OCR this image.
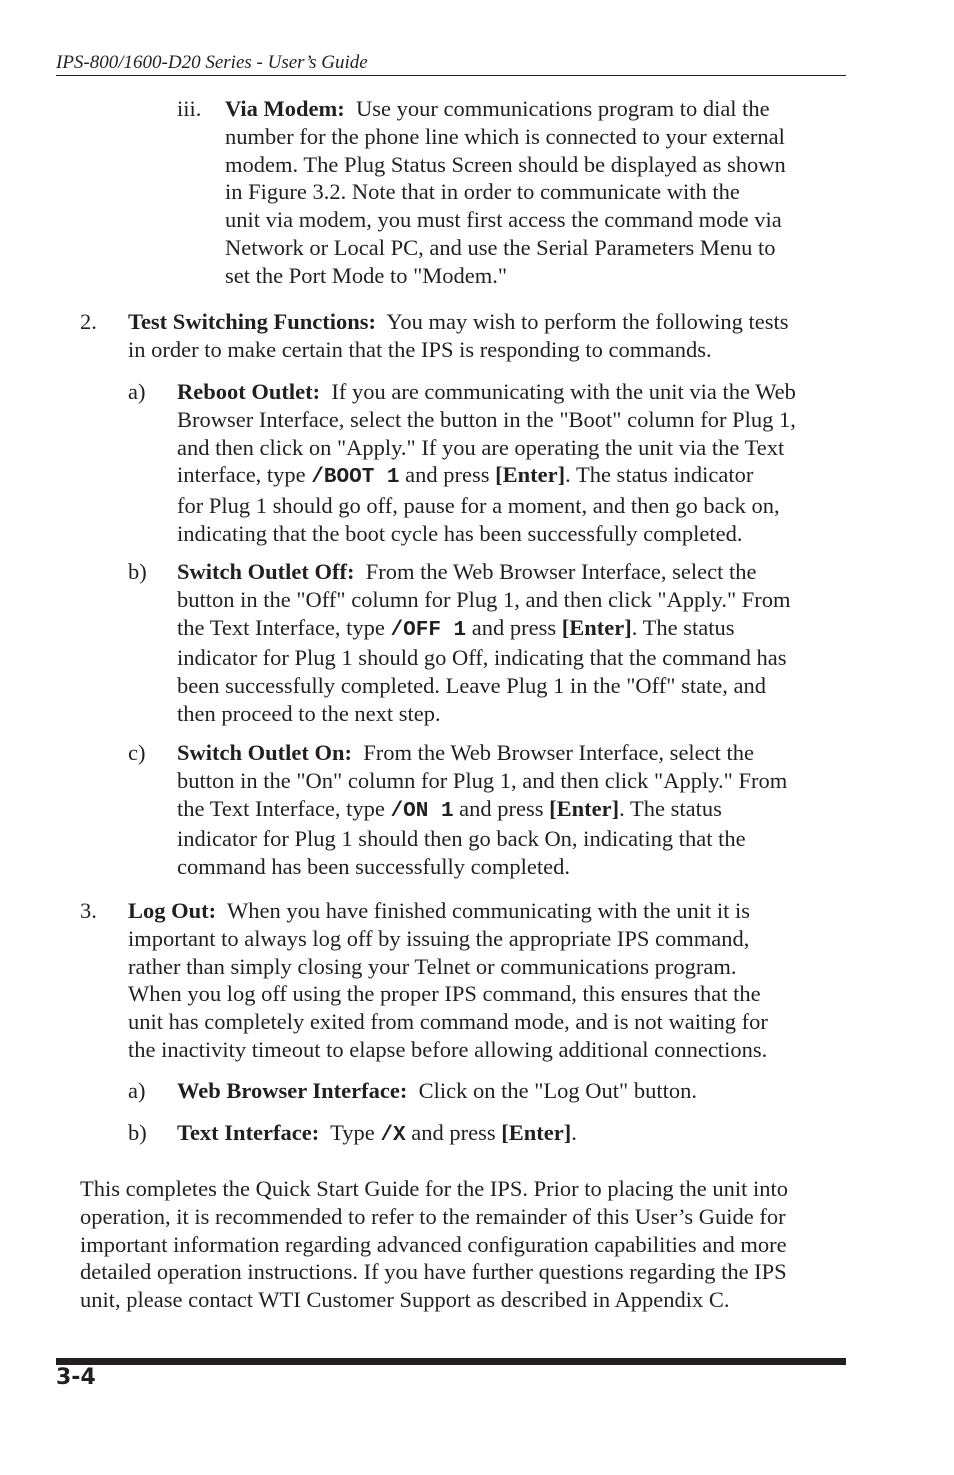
IPS-800/1600-D20 Series - User’s Guide
iii. Via Modem: Use your communications program to dial the
number for the phone line which is connected to your external
modem. The Plug Status Screen should be displayed as shown
in Figure 3.2. Note that in order to communicate with the
unit via modem, you must first access the command mode via
Network or Local PC, and use the Serial Parameters Menu to
set the Port Mode to "Modem."

2. Test Switching Functions: You may wish to perform the following tests
in order to make certain that the IPS is responding to commands.

a) Reboot Outlet: If you are communicating with the unit via the Web
Browser Interface, select the button in the "Boot" column for Plug 1,
and then click on "Apply." If you are operating the unit via the Text
interface, type /BOOT 1 and press [Enter]. The status indicator
for Plug 1 should go off, pause for a moment, and then go back on,
indicating that the boot cycle has been successfully completed.

b) Switch Outlet Off: From the Web Browser Interface, select the
button in the "Off" column for Plug 1, and then click "Apply." From
the Text Interface, type /OFF 1 and press [Enter]. The status
indicator for Plug 1 should go Off, indicating that the command has
been successfully completed. Leave Plug 1 in the "Off" state, and
then proceed to the next step.

c) Switch Outlet On: From the Web Browser Interface, select the
button in the "On" column for Plug 1, and then click "Apply." From
the Text Interface, type /ON 1 and press [Enter]. The status
indicator for Plug 1 should then go back On, indicating that the
command has been successfully completed.

3. Log Out: When you have finished communicating with the unit it is
important to always log off by issuing the appropriate IPS command,
rather than simply closing your Telnet or communications program.
When you log off using the proper IPS command, this ensures that the
unit has completely exited from command mode, and is not waiting for
the inactivity timeout to elapse before allowing additional connections.

a) Web Browser Interface: Click on the "Log Out" button.

b) Text Interface: Type /X and press [Enter].

This completes the Quick Start Guide for the IPS. Prior to placing the unit into
operation, it is recommended to refer to the remainder of this User’s Guide for
important information regarding advanced configuration capabilities and more
detailed operation instructions. If you have further questions regarding the IPS
unit, please contact WTI Customer Support as described in Appendix C.

3-4
